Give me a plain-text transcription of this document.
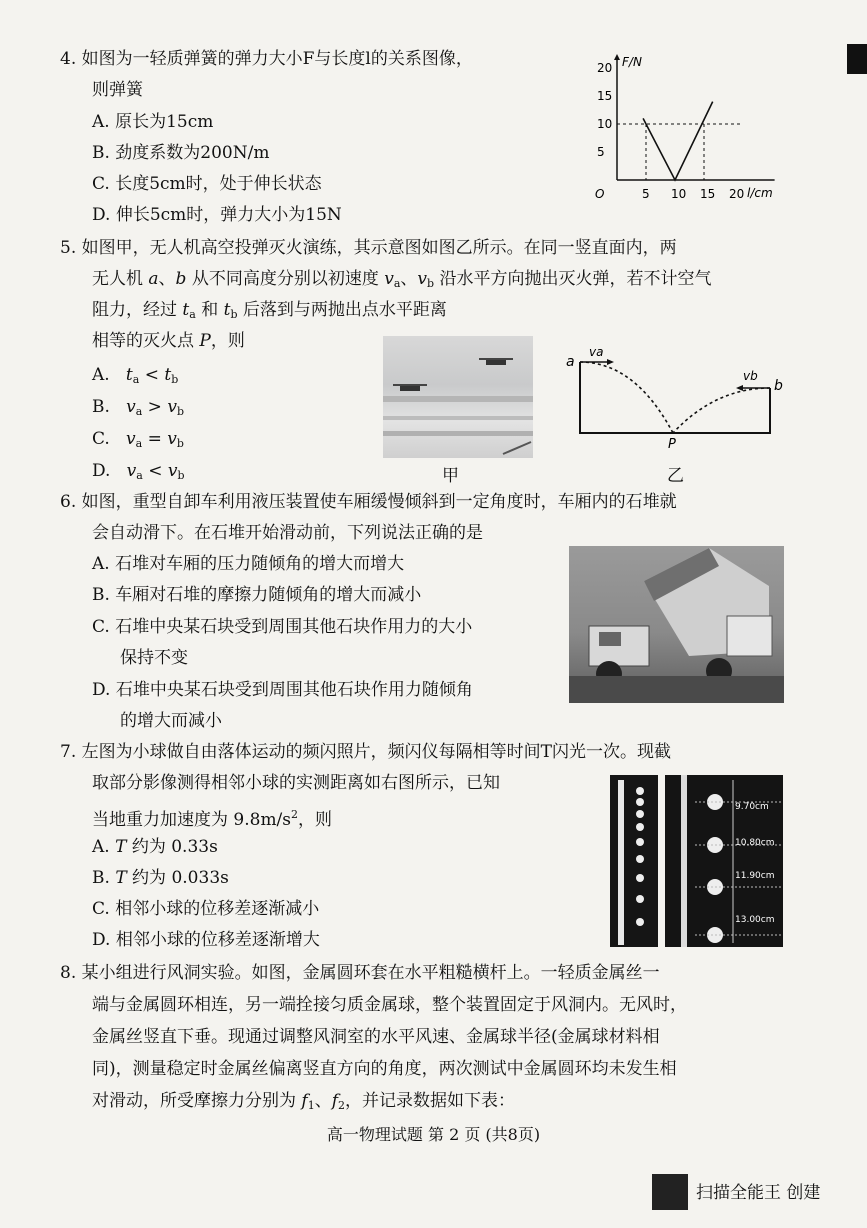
4. 如图为一轻质弹簧的弹力大小F与长度l的关系图像，
则弹簧
A. 原长为15cm
B. 劲度系数为200N/m
C. 长度5cm时，处于伸长状态
D. 伸长5cm时，弹力大小为15N
F/N
l/cm
O	5 10 15 20
5
10
15
20
5. 如图甲，无人机高空投弹灭火演练，其示意图如图乙所示。在同一竖直面内，两
无人机 a、b 从不同高度分别以初速度 $v_a$、$v_b$ 沿水平方向抛出灭火弹，若不计空气
阻力，经过 $t_a$ 和 $t_b$ 后落到与两抛出点水平距离
相等的灭火点 P，则
A.   $t_a < t_b$
B.   $v_a > v_b$
C.   $v_a = v_b$
D.   $v_a < v_b$	甲
a
va
b
vb
P
乙
6. 如图，重型自卸车利用液压装置使车厢缓慢倾斜到一定角度时，车厢内的石堆就
会自动滑下。在石堆开始滑动前，下列说法正确的是
A. 石堆对车厢的压力随倾角的增大而增大
B. 车厢对石堆的摩擦力随倾角的增大而减小
C. 石堆中央某石块受到周围其他石块作用力的大小
保持不变
D. 石堆中央某石块受到周围其他石块作用力随倾角
的增大而减小
7. 左图为小球做自由落体运动的频闪照片，频闪仪每隔相等时间T闪光一次。现截
取部分影像测得相邻小球的实测距离如右图所示，已知
当地重力加速度为 $9.8m/s^2$，则
A. T 约为 0.33s
B. T 约为 0.033s
C. 相邻小球的位移差逐渐减小
D. 相邻小球的位移差逐渐增大
9.70cm
10.80cm
11.90cm
13.00cm
8. 某小组进行风洞实验。如图，金属圆环套在水平粗糙横杆上。一轻质金属丝一
端与金属圆环相连，另一端拴接匀质金属球，整个装置固定于风洞内。无风时，
金属丝竖直下垂。现通过调整风洞室的水平风速、金属球半径(金属球材料相
同)，测量稳定时金属丝偏离竖直方向的角度，两次测试中金属圆环均未发生相
对滑动，所受摩擦力分别为 $f_1$、$f_2$，并记录数据如下表：
高一物理试题 第 2 页 (共8页)
扫描全能王 创建
